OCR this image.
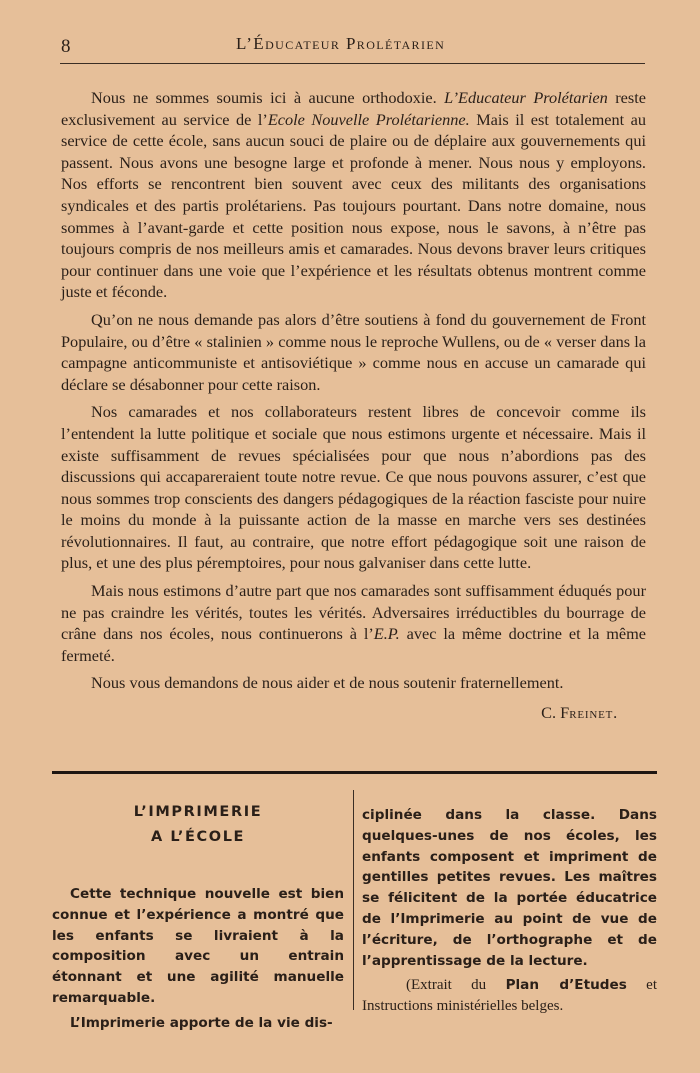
8	L’Éducateur Prolétarien

Nous ne sommes soumis ici à aucune orthodoxie. L’Educateur Prolétarien reste exclusivement au service de l’Ecole Nouvelle Prolétarienne. Mais il est totalement au service de cette école, sans aucun souci de plaire ou de déplaire aux gouvernements qui passent. Nous avons une besogne large et profonde à mener. Nous nous y employons. Nos efforts se rencontrent bien souvent avec ceux des militants des organisations syndicales et des partis prolétariens. Pas toujours pourtant. Dans notre domaine, nous sommes à l’avant-garde et cette position nous expose, nous le savons, à n’être pas toujours compris de nos meilleurs amis et camarades. Nous devons braver leurs critiques pour continuer dans une voie que l’expérience et les résultats obtenus montrent comme juste et féconde.

Qu’on ne nous demande pas alors d’être soutiens à fond du gouvernement de Front Populaire, ou d’être « stalinien » comme nous le reproche Wullens, ou de « verser dans la campagne anticommuniste et antisoviétique » comme nous en accuse un camarade qui déclare se désabonner pour cette raison.

Nos camarades et nos collaborateurs restent libres de concevoir comme ils l’entendent la lutte politique et sociale que nous estimons urgente et nécessaire. Mais il existe suffisamment de revues spécialisées pour que nous n’abordions pas des discussions qui accapareraient toute notre revue. Ce que nous pouvons assurer, c’est que nous sommes trop conscients des dangers pédagogiques de la réaction fasciste pour nuire le moins du monde à la puissante action de la masse en marche vers ses destinées révolutionnaires. Il faut, au contraire, que notre effort pédagogique soit une raison de plus, et une des plus péremptoires, pour nous galvaniser dans cette lutte.

Mais nous estimons d’autre part que nos camarades sont suffisamment éduqués pour ne pas craindre les vérités, toutes les vérités. Adversaires irréductibles du bourrage de crâne dans nos écoles, nous continuerons à l’E.P. avec la même doctrine et la même fermeté.

Nous vous demandons de nous aider et de nous soutenir fraternellement.

C. Freinet.
L’IMPRIMERIE
A L’ÉCOLE

Cette technique nouvelle est bien connue et l’expérience a montré que les enfants se livraient à la composition avec un entrain étonnant et une agilité manuelle remarquable.

L’Imprimerie apporte de la vie dis-

ciplinée dans la classe. Dans quelques-unes de nos écoles, les enfants composent et impriment de gentilles petites revues. Les maîtres se félicitent de la portée éducatrice de l’Imprimerie au point de vue de l’écriture, de l’orthographe et de l’apprentissage de la lecture.

(Extrait du Plan d’Etudes et Instructions ministérielles belges.
